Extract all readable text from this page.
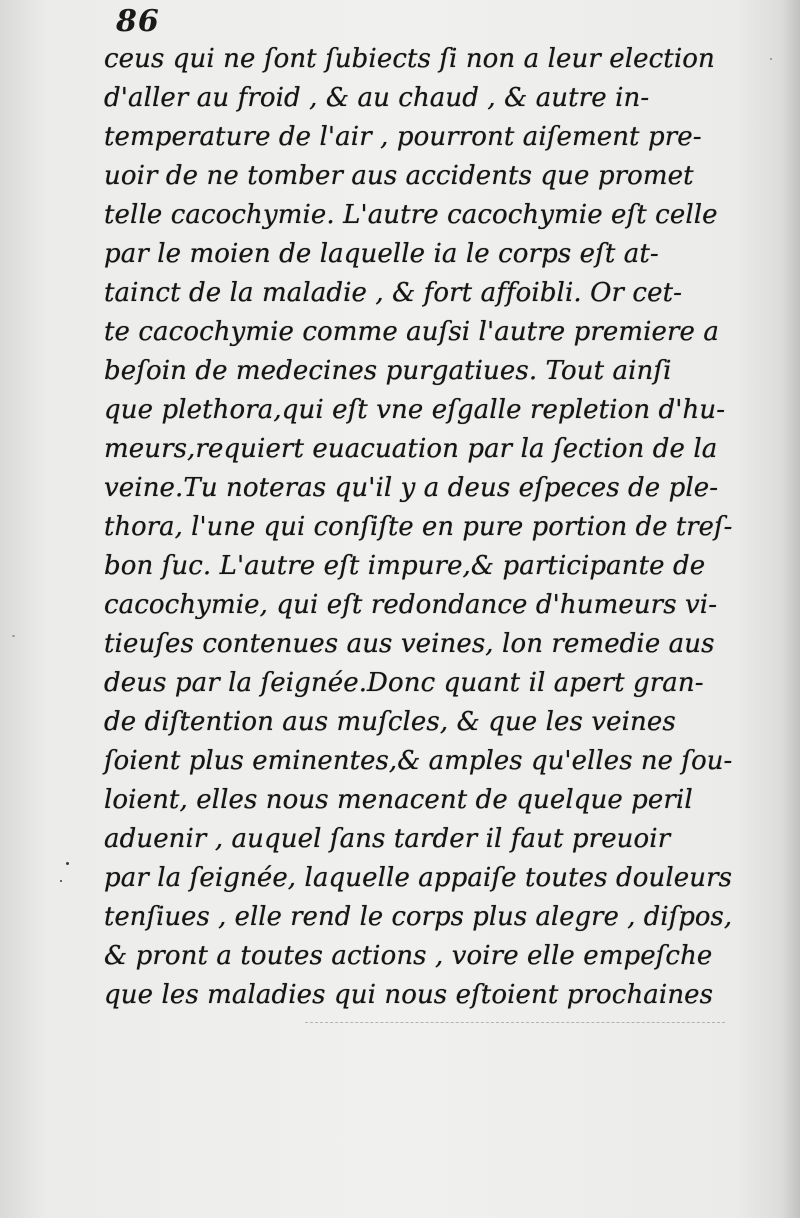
86
ceus qui ne ſont ſubiects ſi non a leur election
d'aller au froid , & au chaud , & autre in-
temperature de l'air , pourront aiſement pre-
uoir de ne tomber aus accidents que promet
telle cacochymie. L'autre cacochymie eſt celle
par le moien de laquelle ia le corps eſt at-
tainct de la maladie , & fort affoibli. Or cet-
te cacochymie comme auſsi l'autre premiere a
beſoin de medecines purgatiues. Tout ainſi
que plethora,qui eſt vne eſgalle repletion d'hu-
meurs,requiert euacuation par la ſection de la
veine.Tu noteras qu'il y a deus eſpeces de ple-
thora, l'une qui conſiſte en pure portion de treſ-
bon ſuc. L'autre eſt impure,& participante de
cacochymie, qui eſt redondance d'humeurs vi-
tieuſes contenues aus veines, lon remedie aus
deus par la ſeignée.Donc quant il apert gran-
de diſtention aus muſcles, & que les veines
ſoient plus eminentes,& amples qu'elles ne ſou-
loient, elles nous menacent de quelque peril
aduenir , auquel ſans tarder il faut preuoir
par la ſeignée, laquelle appaiſe toutes douleurs
tenſiues , elle rend le corps plus alegre , diſpos,
& pront a toutes actions , voire elle empeſche
que les maladies qui nous eſtoient prochaines
